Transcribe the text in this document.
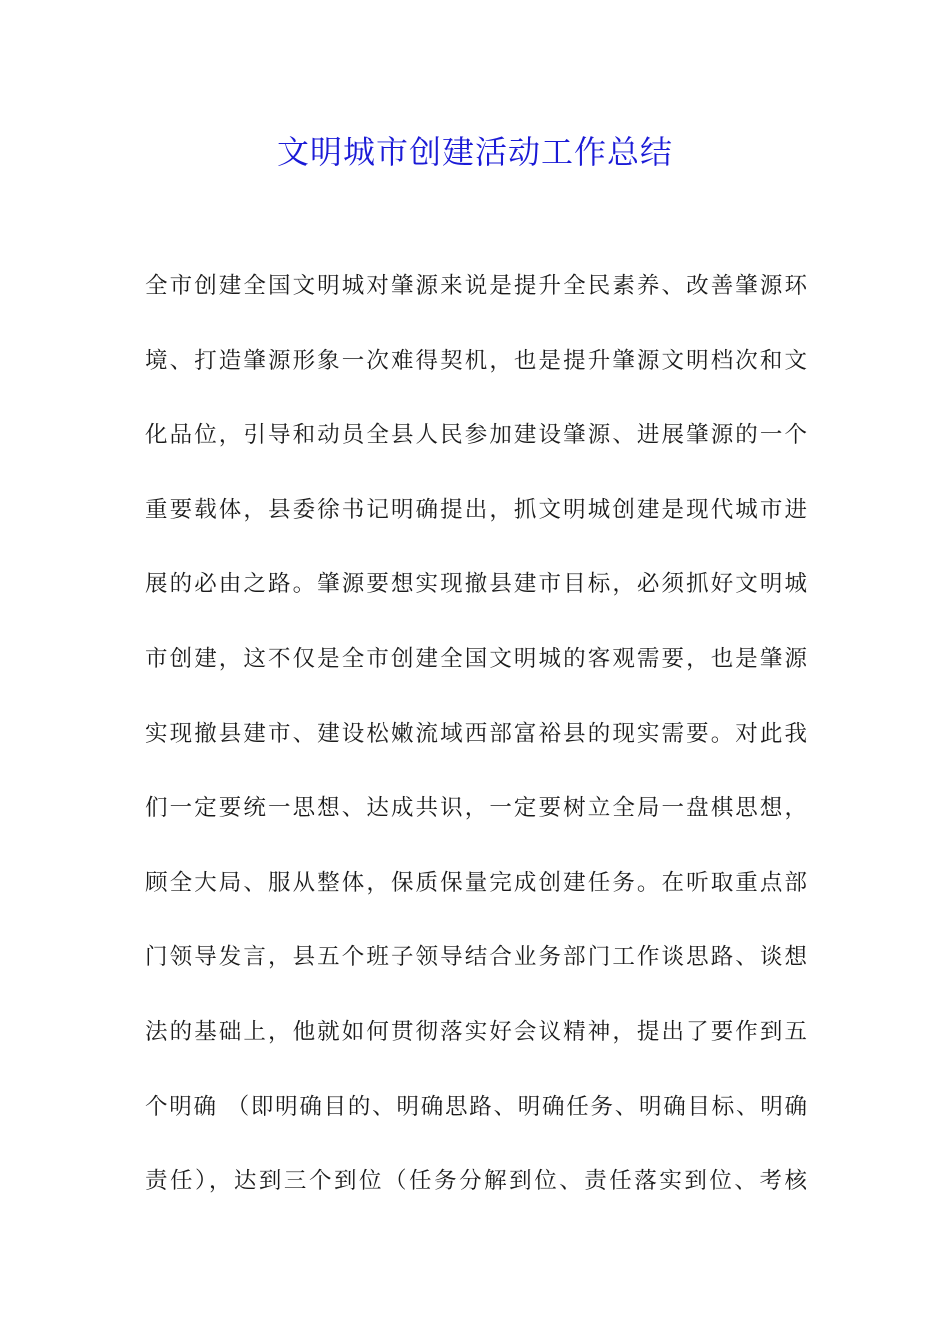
文明城市创建活动工作总结
全市创建全国文明城对肇源来说是提升全民素养、改善肇源环
境、打造肇源形象一次难得契机，也是提升肇源文明档次和文
化品位，引导和动员全县人民参加建设肇源、进展肇源的一个
重要载体，县委徐书记明确提出，抓文明城创建是现代城市进
展的必由之路。肇源要想实现撤县建市目标，必须抓好文明城
市创建，这不仅是全市创建全国文明城的客观需要，也是肇源
实现撤县建市、建设松嫩流域西部富裕县的现实需要。对此我
们一定要统一思想、达成共识，一定要树立全局一盘棋思想，
顾全大局、服从整体，保质保量完成创建任务。在听取重点部
门领导发言，县五个班子领导结合业务部门工作谈思路、谈想
法的基础上，他就如何贯彻落实好会议精神，提出了要作到五
个明确 （即明确目的、明确思路、明确任务、明确目标、明确
责任），达到三个到位（任务分解到位、责任落实到位、考核
